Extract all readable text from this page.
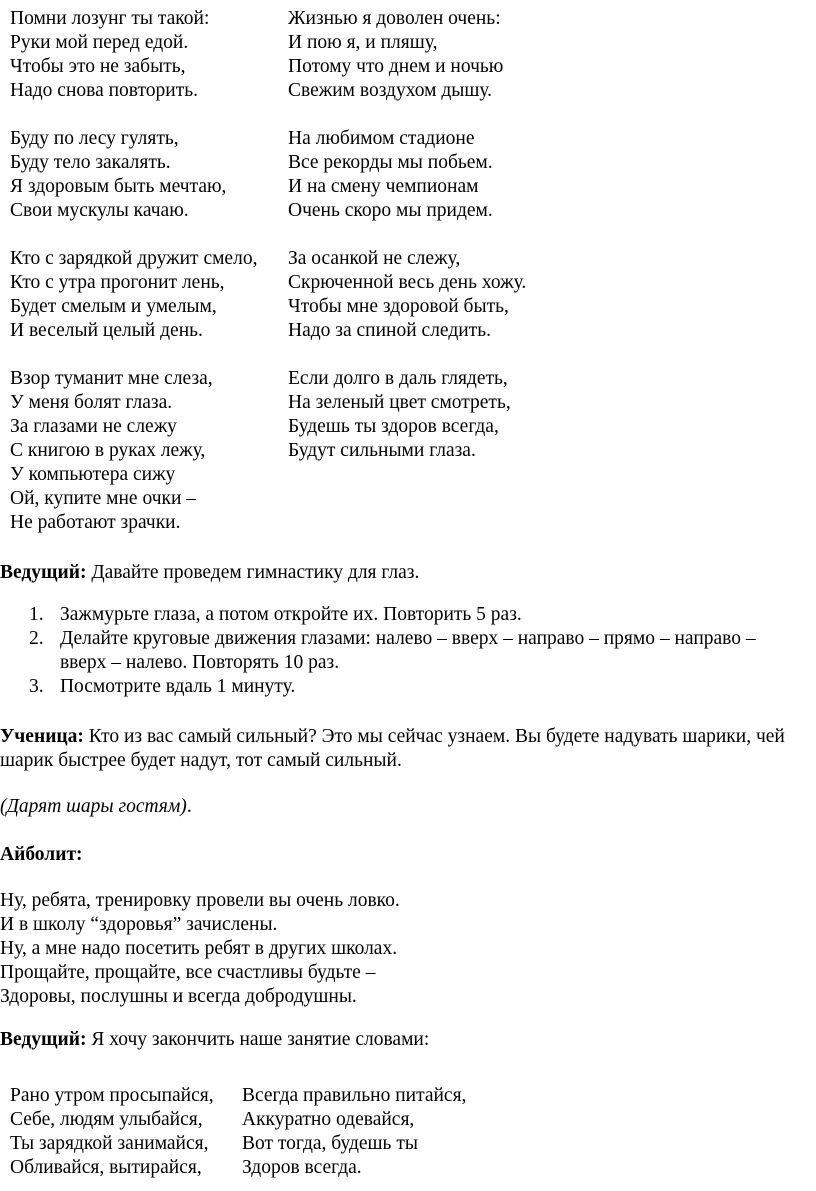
Помни лозунг ты такой:
Руки мой перед едой.
Чтобы это не забыть,
Надо снова повторить.
Жизнью я доволен очень:
И пою я, и пляшу,
Потому что днем и ночью
Свежим воздухом дышу.
Буду по лесу гулять,
Буду тело закалять.
Я здоровым быть мечтаю,
Свои мускулы качаю.
На любимом стадионе
Все рекорды мы побьем.
И на смену чемпионам
Очень скоро мы придем.
Кто с зарядкой дружит смело,
Кто с утра прогонит лень,
Будет смелым и умелым,
И веселый целый день.
За осанкой не слежу,
Скрюченной весь день хожу.
Чтобы мне здоровой быть,
Надо за спиной следить.
Взор туманит мне слеза,
У меня болят глаза.
За глазами не слежу
С книгою в руках лежу,
У компьютера сижу
Ой, купите мне очки –
Не работают зрачки.
Если долго в даль глядеть,
На зеленый цвет смотреть,
Будешь ты здоров всегда,
Будут сильными глаза.
Ведущий: Давайте проведем гимнастику для глаз.
1. Зажмурьте глаза, а потом откройте их. Повторить 5 раз.
2. Делайте круговые движения глазами: налево – вверх – направо – прямо – направо – вверх – налево. Повторять 10 раз.
3. Посмотрите вдаль 1 минуту.
Ученица: Кто из вас самый сильный? Это мы сейчас узнаем. Вы будете надувать шарики, чей шарик быстрее будет надут, тот самый сильный.
(Дарят шары гостям).
Айболит:
Ну, ребята, тренировку провели вы очень ловко.
И в школу “здоровья” зачислены.
Ну, а мне надо посетить ребят в других школах.
Прощайте, прощайте, все счастливы будьте –
Здоровы, послушны и всегда добродушны.
Ведущий: Я хочу закончить наше занятие словами:
Рано утром просыпайся,
Себе, людям улыбайся,
Ты зарядкой занимайся,
Обливайся, вытирайся,
Всегда правильно питайся,
Аккуратно одевайся,
Вот тогда, будешь ты
Здоров всегда.
